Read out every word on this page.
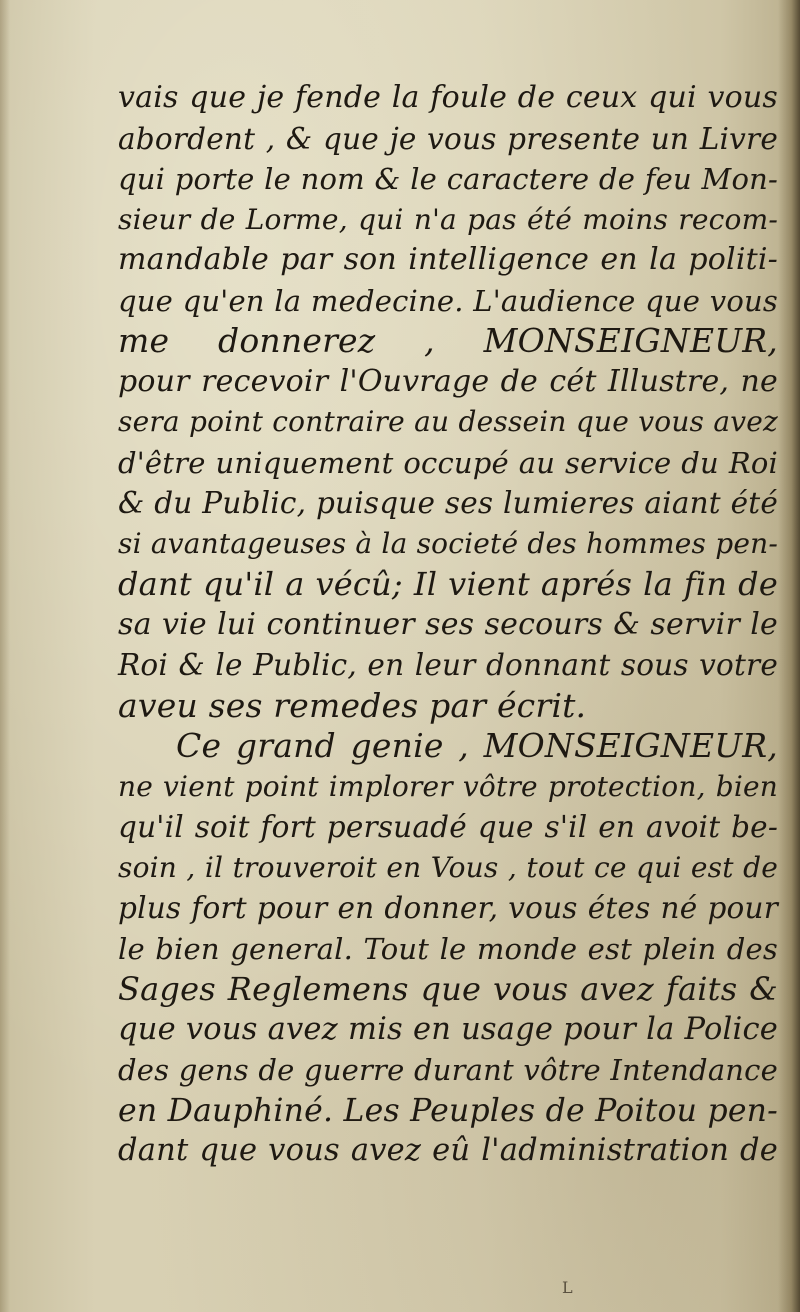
vais que je fende la foule de ceux qui vous
abordent , & que je vous presente un Livre
qui porte le nom & le caractere de feu Mon-
sieur de Lorme, qui n'a pas été moins recom-
mandable par son intelligence en la politi-
que qu'en la medecine. L'audience que vous
me donnerez , MONSEIGNEUR,
pour recevoir l'Ouvrage de cét Illustre, ne
sera point contraire au dessein que vous avez
d'être uniquement occupé au service du Roi
& du Public, puisque ses lumieres aiant été
si avantageuses à la societé des hommes pen-
dant qu'il a vécû; Il vient aprés la fin de
sa vie lui continuer ses secours & servir le
Roi & le Public, en leur donnant sous votre
aveu ses remedes par écrit.
Ce grand genie , MONSEIGNEUR,
ne vient point implorer vôtre protection, bien
qu'il soit fort persuadé que s'il en avoit be-
soin , il trouveroit en Vous , tout ce qui est de
plus fort pour en donner, vous étes né pour
le bien general. Tout le monde est plein des
Sages Reglemens que vous avez faits &
que vous avez mis en usage pour la Police
des gens de guerre durant vôtre Intendance
en Dauphiné. Les Peuples de Poitou pen-
dant que vous avez eû l'administration de
L
